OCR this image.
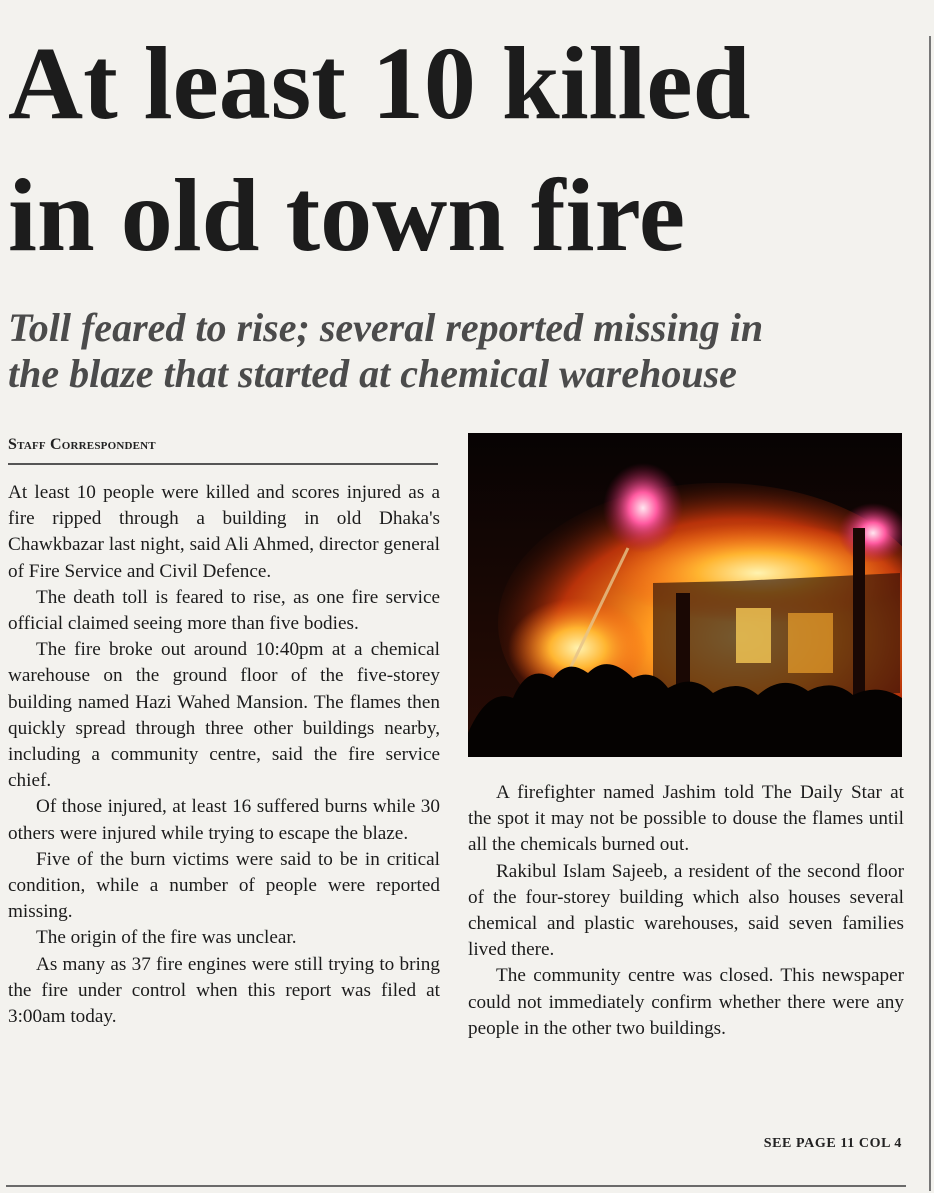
At least 10 killed
in old town fire
Toll feared to rise; several reported missing in
the blaze that started at chemical warehouse
Staff Correspondent

At least 10 people were killed and scores injured as a fire ripped through a building in old Dhaka's Chawkbazar last night, said Ali Ahmed, director general of Fire Service and Civil Defence.

The death toll is feared to rise, as one fire service official claimed seeing more than five bodies.

The fire broke out around 10:40pm at a chemical warehouse on the ground floor of the five-storey building named Hazi Wahed Mansion. The flames then quickly spread through three other buildings nearby, including a community centre, said the fire service chief.

Of those injured, at least 16 suffered burns while 30 others were injured while trying to escape the blaze.

Five of the burn victims were said to be in critical condition, while a number of people were reported missing.

The origin of the fire was unclear.

As many as 37 fire engines were still trying to bring the fire under control when this report was filed at 3:00am today.

A firefighter named Jashim told The Daily Star at the spot it may not be possible to douse the flames until all the chemicals burned out.

Rakibul Islam Sajeeb, a resident of the second floor of the four-storey building which also houses several chemical and plastic warehouses, said seven families lived there.

The community centre was closed. This newspaper could not immediately confirm whether there were any people in the other two buildings.

SEE PAGE 11 COL 4
